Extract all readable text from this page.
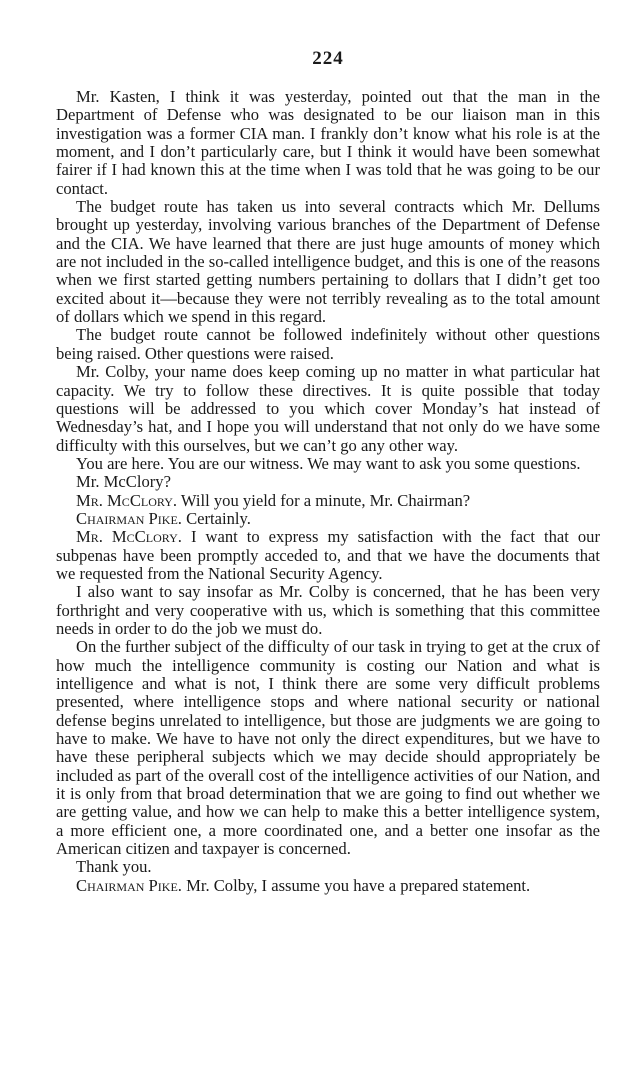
224

Mr. Kasten, I think it was yesterday, pointed out that the man in the Department of Defense who was designated to be our liaison man in this investigation was a former CIA man. I frankly don’t know what his role is at the moment, and I don’t particularly care, but I think it would have been somewhat fairer if I had known this at the time when I was told that he was going to be our contact.

The budget route has taken us into several contracts which Mr. Dellums brought up yesterday, involving various branches of the Department of Defense and the CIA. We have learned that there are just huge amounts of money which are not included in the so-called intelligence budget, and this is one of the reasons when we first started getting numbers pertaining to dollars that I didn’t get too excited about it—because they were not terribly revealing as to the total amount of dollars which we spend in this regard.

The budget route cannot be followed indefinitely without other questions being raised. Other questions were raised.

Mr. Colby, your name does keep coming up no matter in what particular hat capacity. We try to follow these directives. It is quite possible that today questions will be addressed to you which cover Monday’s hat instead of Wednesday’s hat, and I hope you will understand that not only do we have some difficulty with this ourselves, but we can’t go any other way.

You are here. You are our witness. We may want to ask you some questions.

Mr. McClory?

Mr. McClory. Will you yield for a minute, Mr. Chairman?

Chairman Pike. Certainly.

Mr. McClory. I want to express my satisfaction with the fact that our subpenas have been promptly acceded to, and that we have the documents that we requested from the National Security Agency.

I also want to say insofar as Mr. Colby is concerned, that he has been very forthright and very cooperative with us, which is something that this committee needs in order to do the job we must do.

On the further subject of the difficulty of our task in trying to get at the crux of how much the intelligence community is costing our Nation and what is intelligence and what is not, I think there are some very difficult problems presented, where intelligence stops and where national security or national defense begins unrelated to intelligence, but those are judgments we are going to have to make. We have to have not only the direct expenditures, but we have to have these peripheral subjects which we may decide should appropriately be included as part of the overall cost of the intelligence activities of our Nation, and it is only from that broad determination that we are going to find out whether we are getting value, and how we can help to make this a better intelligence system, a more efficient one, a more coordinated one, and a better one insofar as the American citizen and taxpayer is concerned.

Thank you.

Chairman Pike. Mr. Colby, I assume you have a prepared statement.
